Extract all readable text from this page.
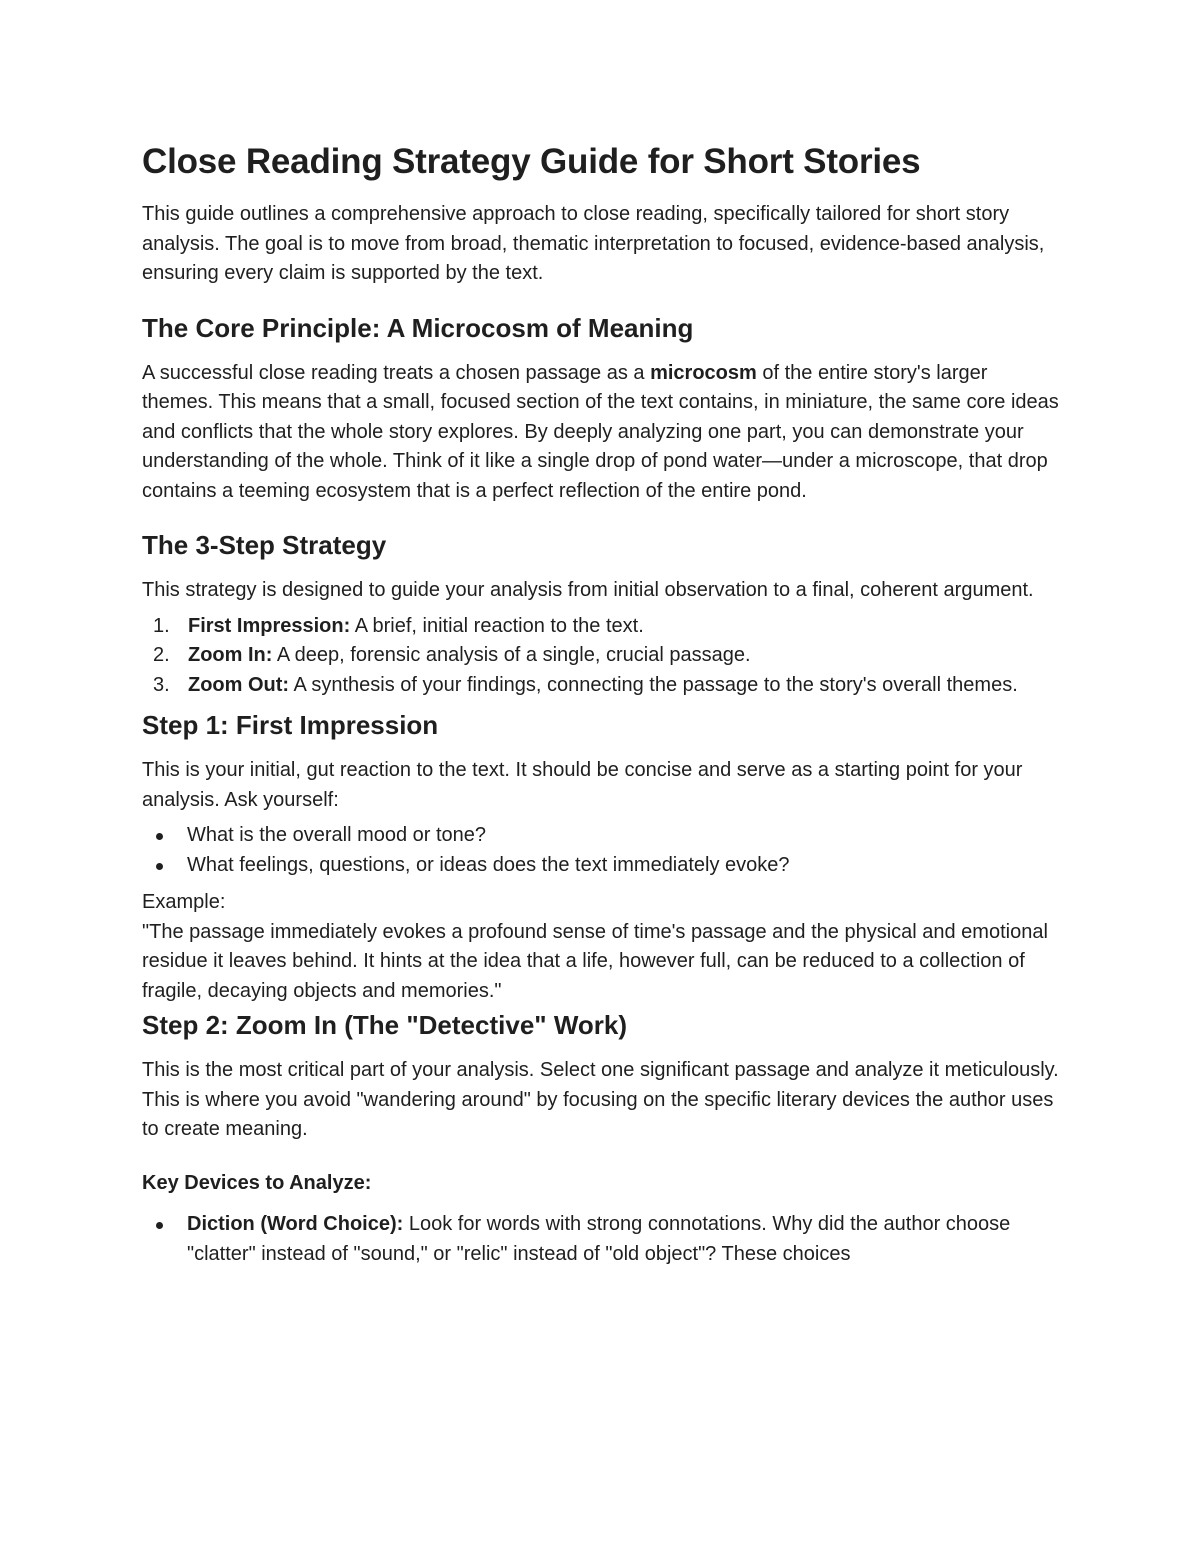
Close Reading Strategy Guide for Short Stories

This guide outlines a comprehensive approach to close reading, specifically tailored for short story analysis. The goal is to move from broad, thematic interpretation to focused, evidence-based analysis, ensuring every claim is supported by the text.

The Core Principle: A Microcosm of Meaning

A successful close reading treats a chosen passage as a microcosm of the entire story's larger themes. This means that a small, focused section of the text contains, in miniature, the same core ideas and conflicts that the whole story explores. By deeply analyzing one part, you can demonstrate your understanding of the whole. Think of it like a single drop of pond water—under a microscope, that drop contains a teeming ecosystem that is a perfect reflection of the entire pond.

The 3-Step Strategy

This strategy is designed to guide your analysis from initial observation to a final, coherent argument.

1. First Impression: A brief, initial reaction to the text.
2. Zoom In: A deep, forensic analysis of a single, crucial passage.
3. Zoom Out: A synthesis of your findings, connecting the passage to the story's overall themes.
Step 1: First Impression

This is your initial, gut reaction to the text. It should be concise and serve as a starting point for your analysis. Ask yourself:

What is the overall mood or tone?
What feelings, questions, or ideas does the text immediately evoke?

Example:
"The passage immediately evokes a profound sense of time's passage and the physical and emotional residue it leaves behind. It hints at the idea that a life, however full, can be reduced to a collection of fragile, decaying objects and memories."

Step 2: Zoom In (The "Detective" Work)

This is the most critical part of your analysis. Select one significant passage and analyze it meticulously. This is where you avoid "wandering around" by focusing on the specific literary devices the author uses to create meaning.

Key Devices to Analyze:

Diction (Word Choice): Look for words with strong connotations. Why did the author choose "clatter" instead of "sound," or "relic" instead of "old object"? These choices
